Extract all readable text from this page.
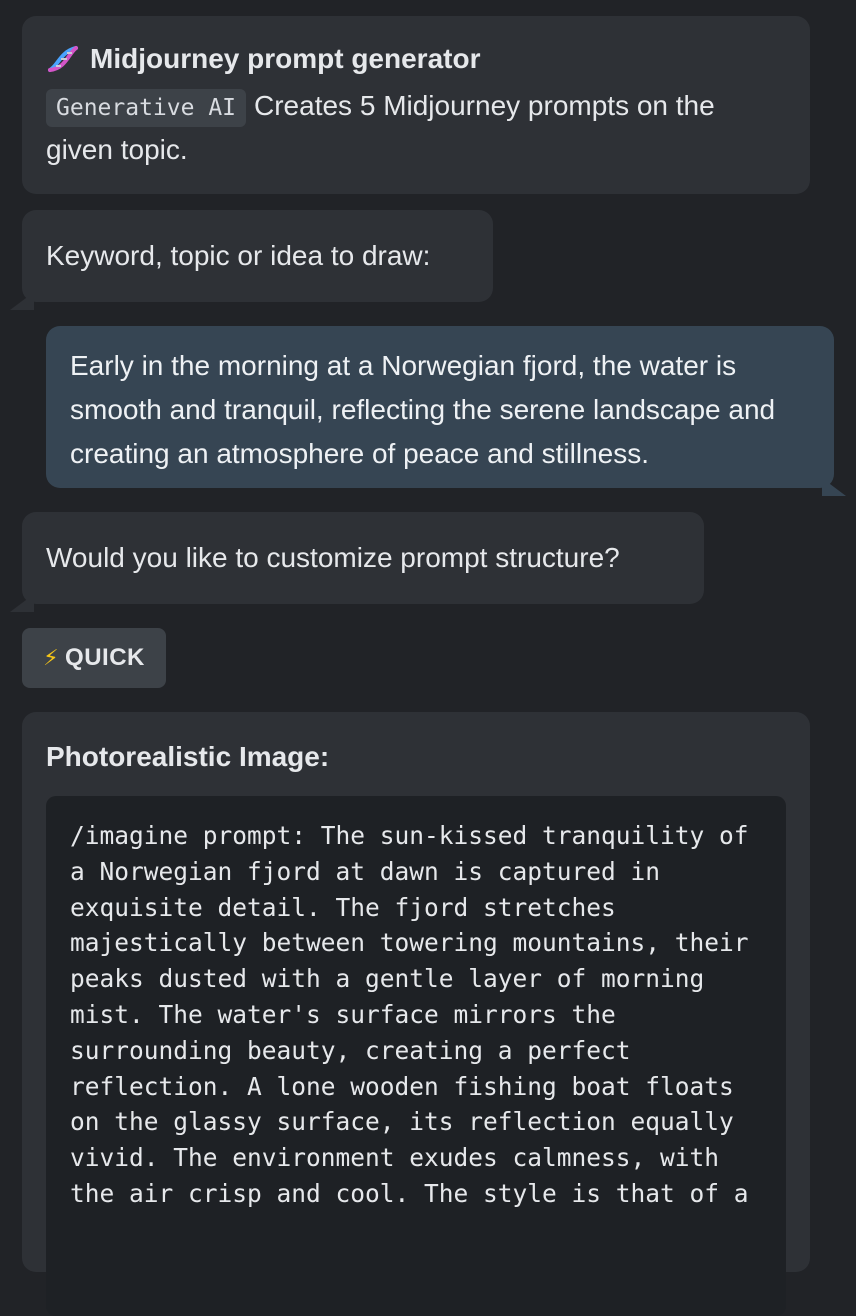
Midjourney prompt generator
Generative AI Creates 5 Midjourney prompts on the given topic.
Keyword, topic or idea to draw:
Early in the morning at a Norwegian fjord, the water is smooth and tranquil, reflecting the serene landscape and creating an atmosphere of peace and stillness.
Would you like to customize prompt structure?
⚡ QUICK
Photorealistic Image:
/imagine prompt: The sun-kissed tranquility of a Norwegian fjord at dawn is captured in exquisite detail. The fjord stretches majestically between towering mountains, their peaks dusted with a gentle layer of morning mist. The water's surface mirrors the surrounding beauty, creating a perfect reflection. A lone wooden fishing boat floats on the glassy surface, its reflection equally vivid. The environment exudes calmness, with the air crisp and cool. The style is that of a
